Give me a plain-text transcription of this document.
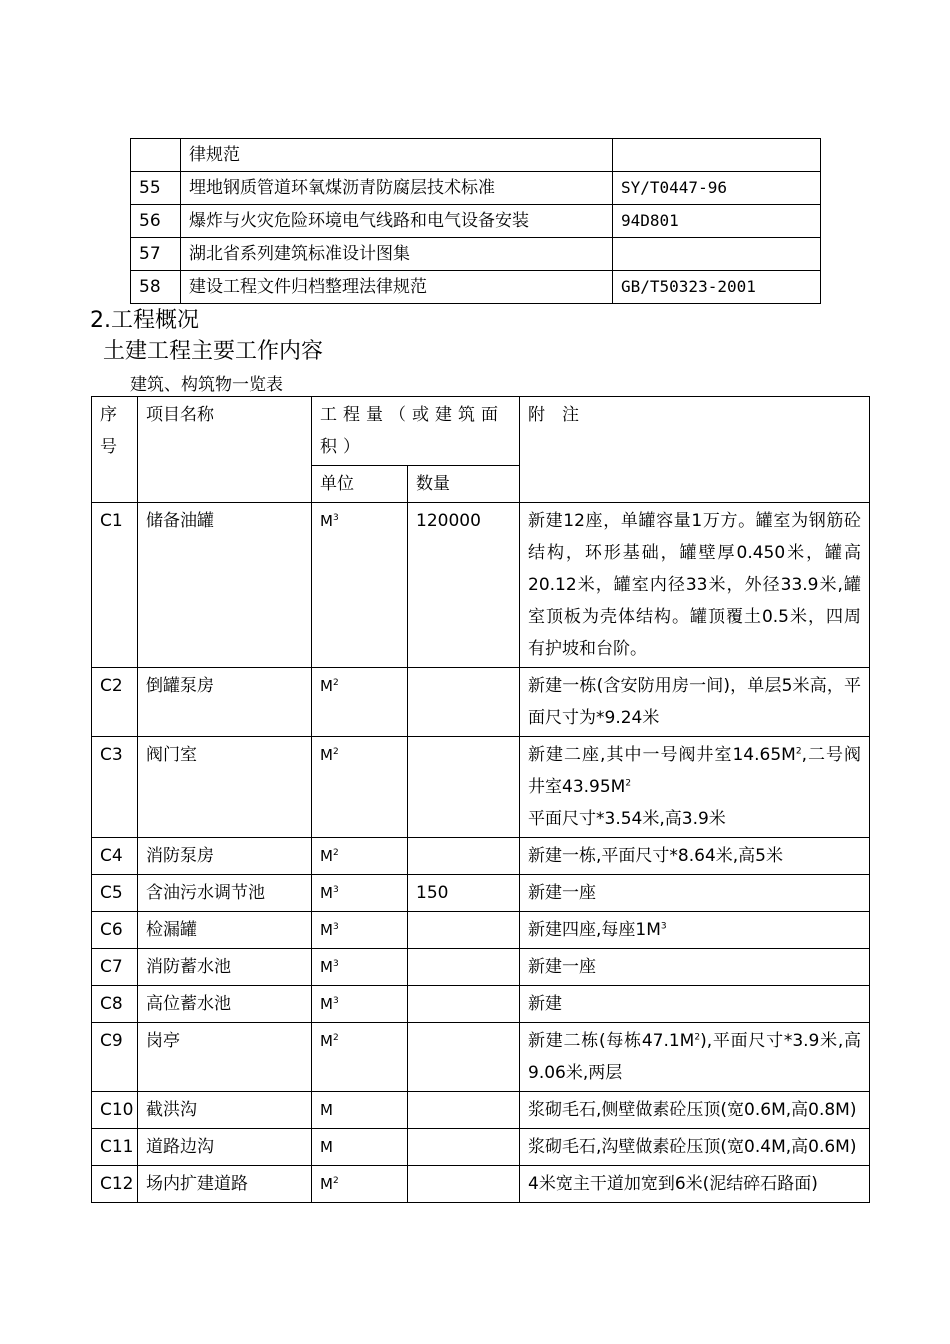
	律规范	
55	埋地钢质管道环氧煤沥青防腐层技术标准	SY/T0447-96
56	爆炸与火灾危险环境电气线路和电气设备安装	94D801
57	湖北省系列建筑标准设计图集	
58	建设工程文件归档整理法律规范	GB/T50323-2001
2.工程概况
土建工程主要工作内容
建筑、构筑物一览表
序号	项目名称	工程量（或建筑面积）		附　注
		单位	数量	
C1	储备油罐	$M^3$	120000	新建12座，单罐容量1万方。罐室为钢筋砼结构，环形基础，罐壁厚0.450米，罐高20.12米，罐室内径33米，外径33.9米,罐室顶板为壳体结构。罐顶覆土0.5米，四周有护坡和台阶。
C2	倒罐泵房	$M^2$		新建一栋(含安防用房一间)，单层5米高，平面尺寸为*9.24米
C3	阀门室	$M^2$		新建二座,其中一号阀井室$14.65M^2$,二号阀井室$43.95M^2$
平面尺寸*3.54米,高3.9米
C4	消防泵房	$M^2$		新建一栋,平面尺寸*8.64米,高5米
C5	含油污水调节池	$M^3$	150	新建一座
C6	检漏罐	$M^3$		新建四座,每座$1M^3$
C7	消防蓄水池	$M^3$		新建一座
C8	高位蓄水池	$M^3$		新建
C9	岗亭	$M^2$		新建二栋(每栋$47.1M^2$),平面尺寸*3.9米,高9.06米,两层
C10	截洪沟	M		浆砌毛石,侧壁做素砼压顶(宽0.6M,高0.8M)
C11	道路边沟	M		浆砌毛石,沟壁做素砼压顶(宽0.4M,高0.6M)
C12	场内扩建道路	$M^2$		4米宽主干道加宽到6米(泥结碎石路面)
